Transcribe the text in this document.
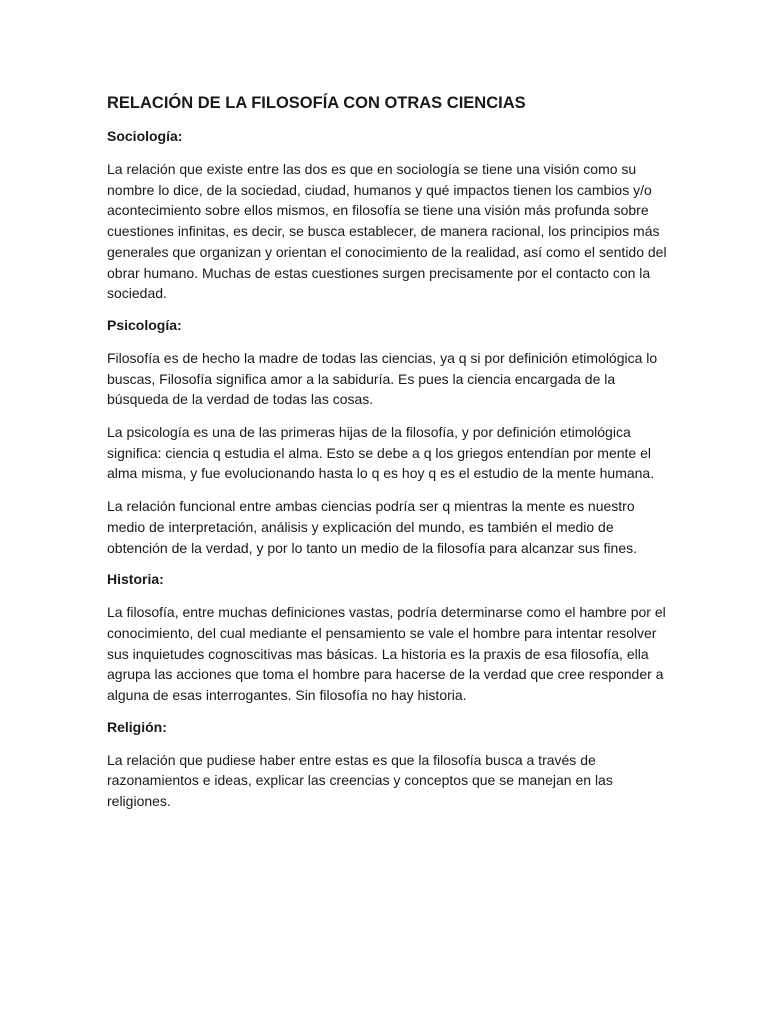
RELACIÓN DE LA FILOSOFÍA CON OTRAS CIENCIAS
Sociología:

La relación que existe entre las dos es que en sociología se tiene una visión como su nombre lo dice, de la sociedad, ciudad, humanos y qué impactos tienen los cambios y/o acontecimiento sobre ellos mismos, en filosofía se tiene una visión más profunda sobre cuestiones infinitas, es decir, se busca establecer, de manera racional, los principios más generales que organizan y orientan el conocimiento de la realidad, así como el sentido del obrar humano. Muchas de estas cuestiones surgen precisamente por el contacto con la sociedad.

Psicología:

Filosofía es de hecho la madre de todas las ciencias, ya q si por definición etimológica lo buscas, Filosofía significa amor a la sabiduría. Es pues la ciencia encargada de la búsqueda de la verdad de todas las cosas.

La psicología es una de las primeras hijas de la filosofía, y por definición etimológica significa: ciencia q estudia el alma. Esto se debe a q los griegos entendían por mente el alma misma, y fue evolucionando hasta lo q es hoy q es el estudio de la mente humana.

La relación funcional entre ambas ciencias podría ser q mientras la mente es nuestro medio de interpretación, análisis y explicación del mundo, es también el medio de obtención de la verdad, y por lo tanto un medio de la filosofía para alcanzar sus fines.

Historia:

La filosofía, entre muchas definiciones vastas, podría determinarse como el hambre por el conocimiento, del cual mediante el pensamiento se vale el hombre para intentar resolver sus inquietudes cognoscitivas mas básicas. La historia es la praxis de esa filosofía, ella agrupa las acciones que toma el hombre para hacerse de la verdad que cree responder a alguna de esas interrogantes. Sin filosofía no hay historia.

Religión:

La relación que pudiese haber entre estas es que la filosofía busca a través de razonamientos e ideas, explicar las creencias y conceptos que se manejan en las religiones.
